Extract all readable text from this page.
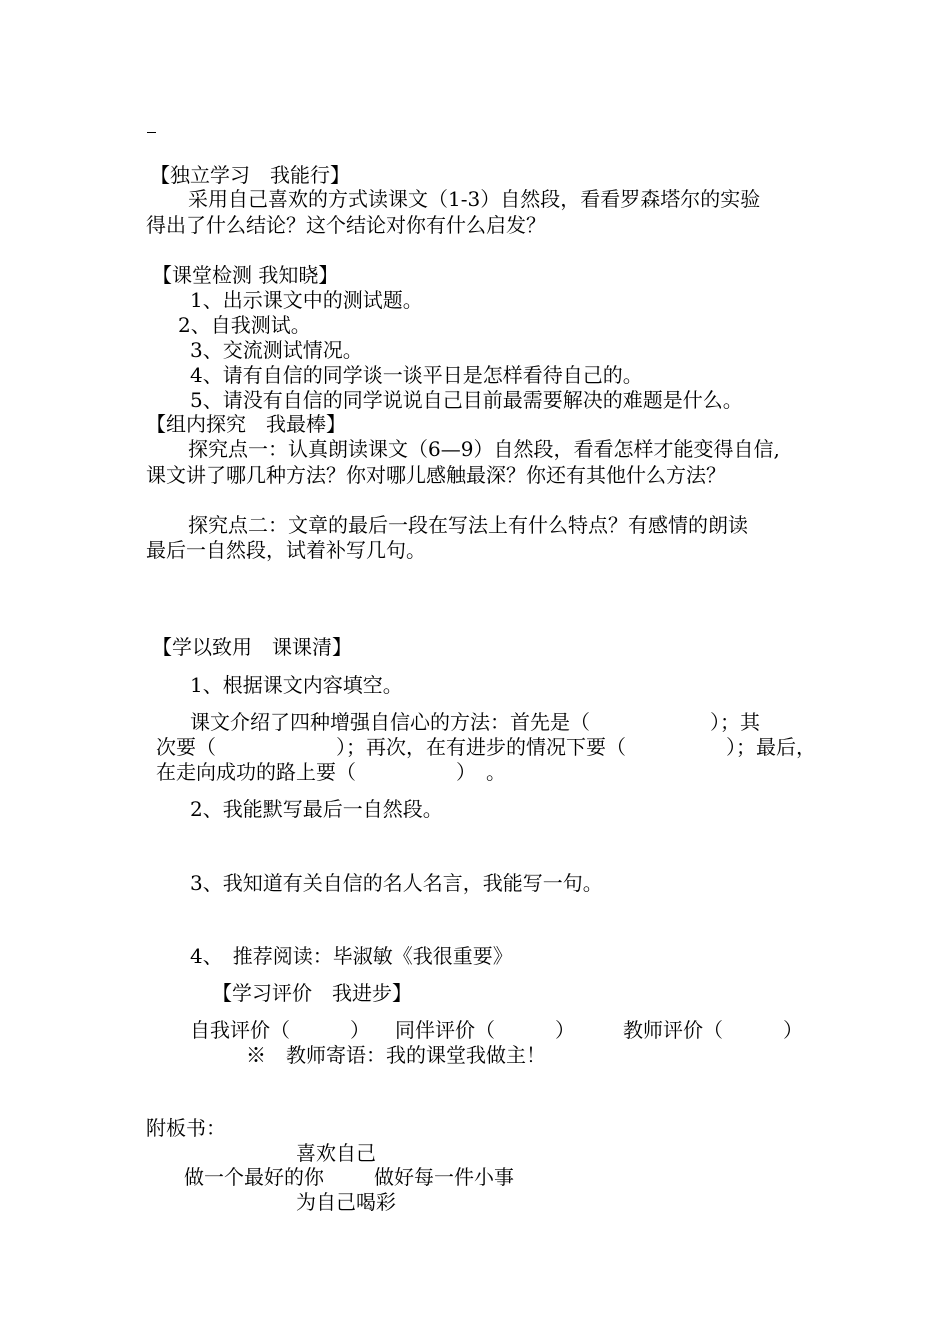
【独立学习　我能行】
采用自己喜欢的方式读课文（1-3）自然段，看看罗森塔尔的实验
得出了什么结论？这个结论对你有什么启发？
【课堂检测 我知晓】
1、出示课文中的测试题。
2、自我测试。
3、交流测试情况。
4、请有自信的同学谈一谈平日是怎样看待自己的。
5、请没有自信的同学说说自己目前最需要解决的难题是什么。
【组内探究　我最棒】
探究点一：认真朗读课文（6—9）自然段，看看怎样才能变得自信,
课文讲了哪几种方法？你对哪儿感触最深？你还有其他什么方法？
探究点二：文章的最后一段在写法上有什么特点？有感情的朗读
最后一自然段，试着补写几句。
【学以致用　课课清】
1、根据课文内容填空。
课文介绍了四种增强自信心的方法：首先是（　　　　　　）；其
次要（　　　　　　）；再次，在有进步的情况下要（　　　　　）；最后，
在走向成功的路上要（　　　　　）　。
2、我能默写最后一自然段。
3、我知道有关自信的名人名言，我能写一句。
4、　推荐阅读：毕淑敏《我很重要》
【学习评价　我进步】
自我评价（　　　） 同伴评价（　　　） 教师评价（　　　）
※　教师寄语：我的课堂我做主！
附板书：
喜欢自己
做一个最好的你	做好每一件小事
为自己喝彩
